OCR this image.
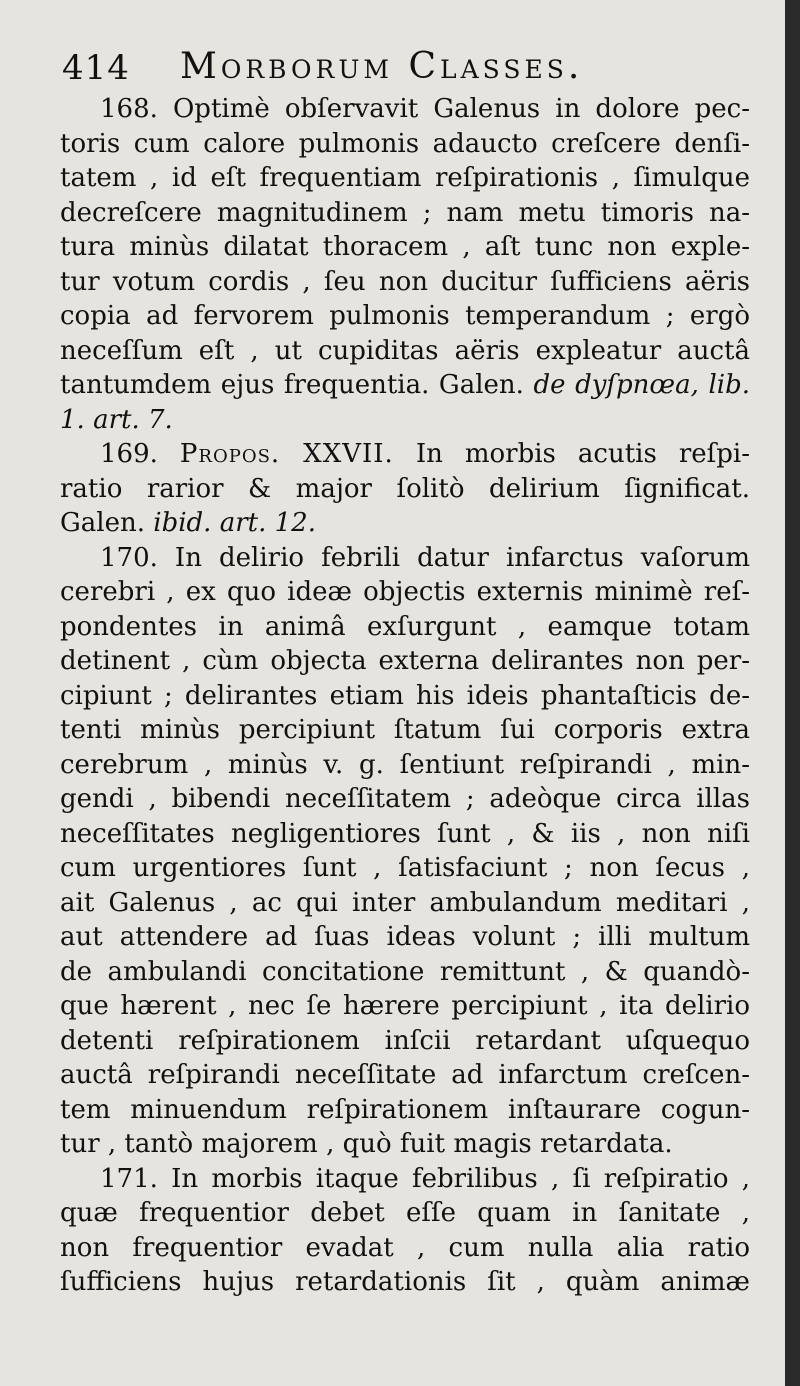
414 Morborum Classes.
168. Optimè obſervavit Galenus in dolore pec-
toris cum calore pulmonis adaucto creſcere denſi-
tatem , id eſt frequentiam reſpirationis , ſimulque
decreſcere magnitudinem ; nam metu timoris na-
tura minùs dilatat thoracem , aſt tunc non exple-
tur votum cordis , ſeu non ducitur ſufficiens aëris
copia ad fervorem pulmonis temperandum ; ergò
neceſſum eſt , ut cupiditas aëris expleatur auctâ
tantumdem ejus frequentia. Galen. de dyſpnœa, lib.
1. art. 7.
169. Propos. XXVII. In morbis acutis reſpi-
ratio rarior & major ſolitò delirium ſignificat.
Galen. ibid. art. 12.
170. In delirio febrili datur infarctus vaſorum
cerebri , ex quo ideæ objectis externis minimè reſ-
pondentes in animâ exſurgunt , eamque totam
detinent , cùm objecta externa delirantes non per-
cipiunt ; delirantes etiam his ideis phantaſticis de-
tenti minùs percipiunt ſtatum ſui corporis extra
cerebrum , minùs v. g. ſentiunt reſpirandi , min-
gendi , bibendi neceſſitatem ; adeòque circa illas
neceſſitates negligentiores ſunt , & iis , non niſi
cum urgentiores ſunt , ſatisfaciunt ; non ſecus ,
ait Galenus , ac qui inter ambulandum meditari ,
aut attendere ad ſuas ideas volunt ; illi multum
de ambulandi concitatione remittunt , & quandò-
que hærent , nec ſe hærere percipiunt , ita delirio
detenti reſpirationem inſcii retardant uſquequo
auctâ reſpirandi neceſſitate ad infarctum creſcen-
tem minuendum reſpirationem inſtaurare cogun-
tur , tantò majorem , quò fuit magis retardata.
171. In morbis itaque febrilibus , ſi reſpiratio ,
quæ frequentior debet eſſe quam in ſanitate ,
non frequentior evadat , cum nulla alia ratio
ſufficiens hujus retardationis ſit , quàm animæ
